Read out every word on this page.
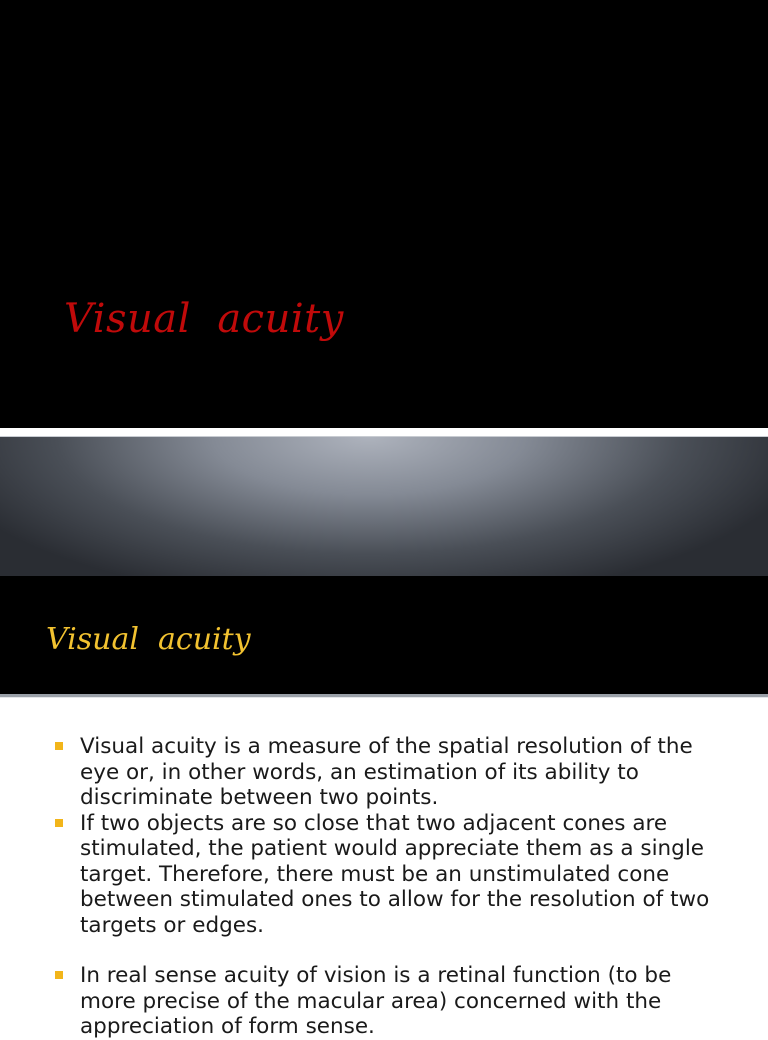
Visual  acuity
Visual  acuity
Visual acuity is a measure of the spatial resolution of the eye or, in other words, an estimation of its ability to discriminate between two points.
If two objects are so close that two adjacent cones are stimulated, the patient would appreciate them as a single target. Therefore, there must be an unstimulated cone between stimulated ones to allow for the resolution of two targets or edges.
In real sense acuity of vision is a retinal function (to be more precise of the macular area) concerned with the appreciation of form sense.
